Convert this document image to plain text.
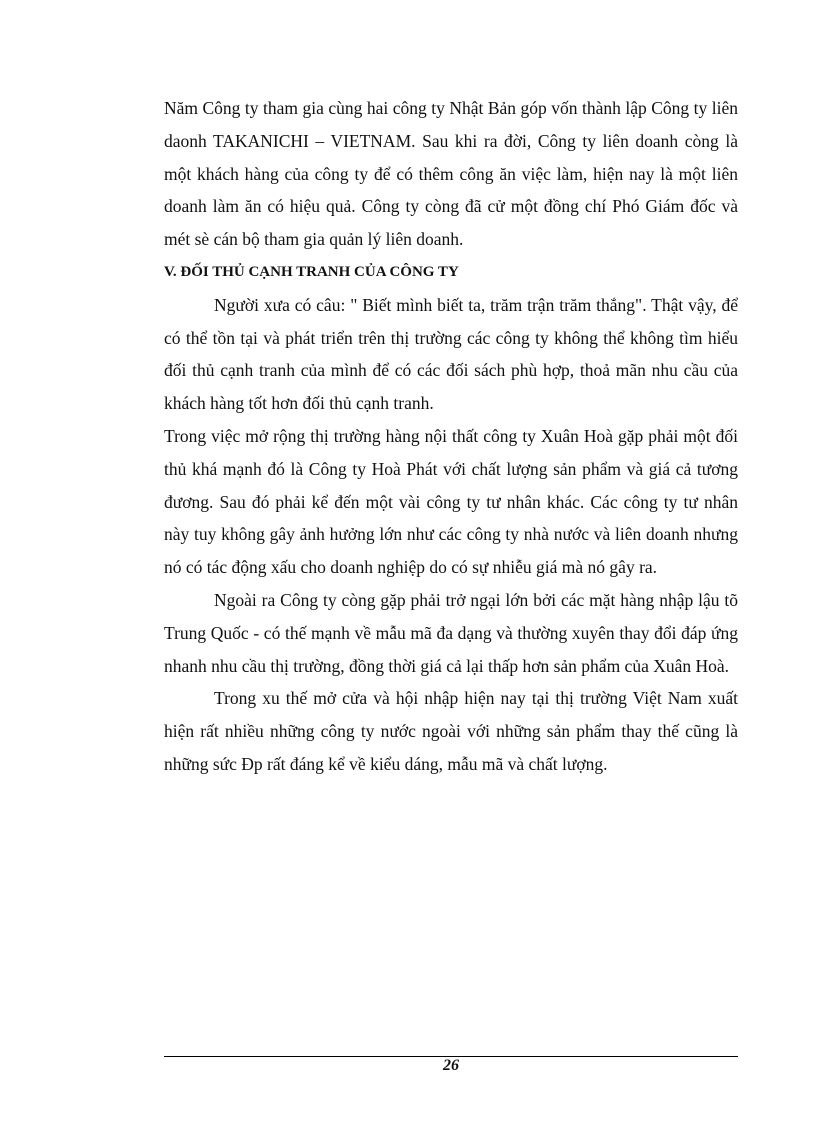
Năm Công ty tham gia cùng hai công ty Nhật Bản góp vốn thành lập Công ty liên daonh TAKANICHI – VIETNAM. Sau khi ra đời, Công ty liên doanh còng là một khách hàng của công ty để có thêm công ăn việc làm, hiện nay là một liên doanh làm ăn có hiệu quả. Công ty còng đã cử một đồng chí Phó Giám đốc và mét sè cán bộ tham gia quản lý liên doanh.

V. ĐỐI THỦ CẠNH TRANH CỦA CÔNG TY

Người xưa có câu: " Biết mình biết ta, trăm trận trăm thắng". Thật vậy, để có thể tồn tại và phát triển trên thị trường các công ty không thể không tìm hiểu đối thủ cạnh tranh của mình để có các đối sách phù hợp, thoả mãn nhu cầu của khách hàng tốt hơn đối thủ cạnh tranh.

Trong việc mở rộng thị trường hàng nội thất công ty Xuân Hoà gặp phải một đối thủ khá mạnh đó là Công ty Hoà Phát với chất lượng sản phẩm và giá cả tương đương. Sau đó phải kể đến một vài công ty tư nhân khác. Các công ty tư nhân này tuy không gây ảnh hưởng lớn như các công ty nhà nước và liên doanh nhưng nó có tác động xấu cho doanh nghiệp do có sự nhiễu giá mà nó gây ra.

Ngoài ra Công ty còng gặp phải trở ngại lớn bởi các mặt hàng nhập lậu tõ Trung Quốc - có thế mạnh về mẫu mã đa dạng và thường xuyên thay đổi đáp ứng nhanh nhu cầu thị trường, đồng thời giá cả lại thấp hơn sản phẩm của Xuân Hoà.

Trong xu thế mở cửa và hội nhập hiện nay tại thị trường Việt Nam xuất hiện rất nhiều những công ty nước ngoài với những sản phẩm thay thế cũng là những sức Ðp rất đáng kể về kiểu dáng, mẫu mã và chất lượng.

26
